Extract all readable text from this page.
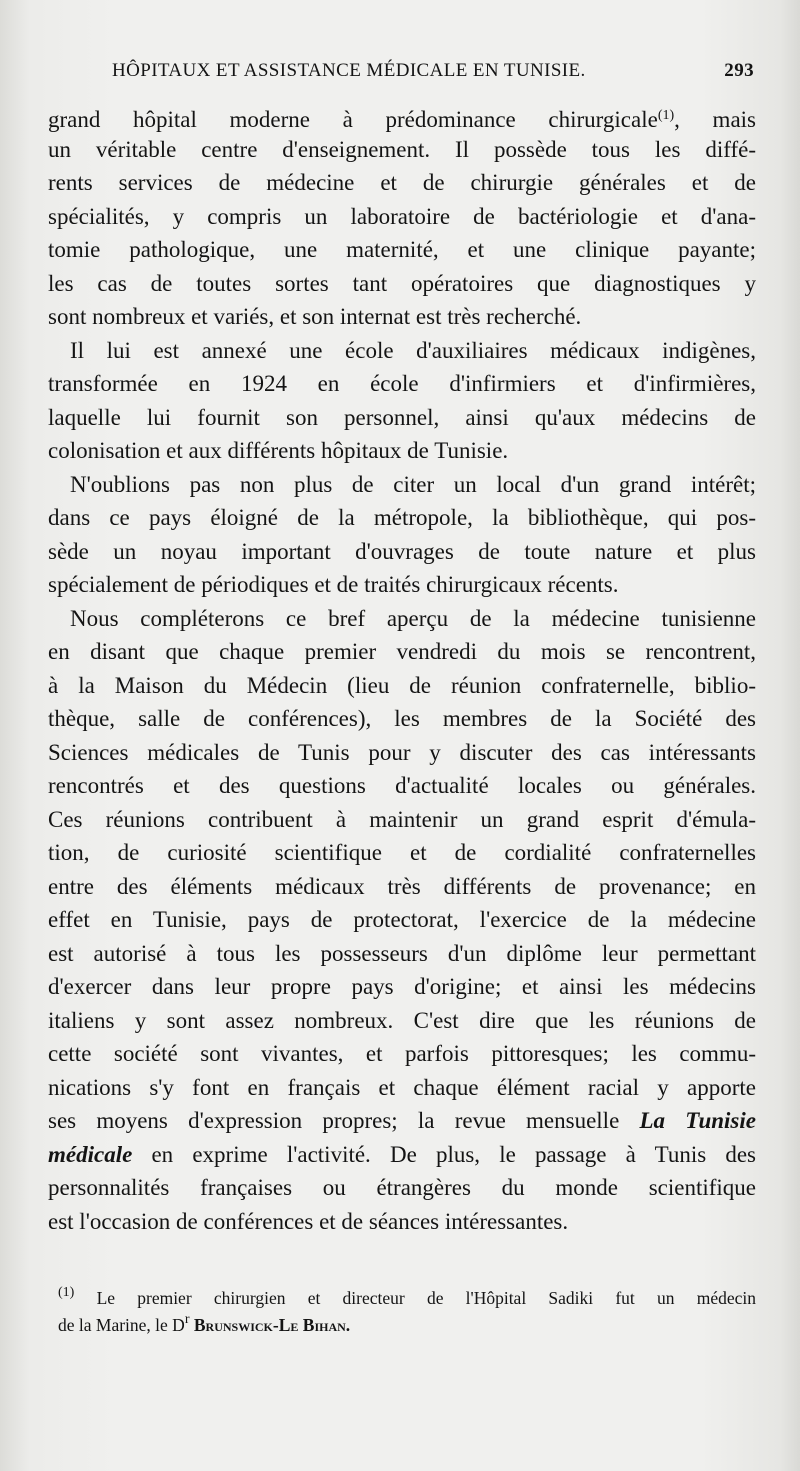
HÔPITAUX ET ASSISTANCE MÉDICALE EN TUNISIE.	293
grand hôpital moderne à prédominance chirurgicale$^{(1)}$, mais
un véritable centre d'enseignement. Il possède tous les diffé-
rents services de médecine et de chirurgie générales et de
spécialités, y compris un laboratoire de bactériologie et d'ana-
tomie pathologique, une maternité, et une clinique payante;
les cas de toutes sortes tant opératoires que diagnostiques y
sont nombreux et variés, et son internat est très recherché.
Il lui est annexé une école d'auxiliaires médicaux indigènes,
transformée en 1924 en école d'infirmiers et d'infirmières,
laquelle lui fournit son personnel, ainsi qu'aux médecins de
colonisation et aux différents hôpitaux de Tunisie.
N'oublions pas non plus de citer un local d'un grand intérêt;
dans ce pays éloigné de la métropole, la bibliothèque, qui pos-
sède un noyau important d'ouvrages de toute nature et plus
spécialement de périodiques et de traités chirurgicaux récents.
Nous compléterons ce bref aperçu de la médecine tunisienne
en disant que chaque premier vendredi du mois se rencontrent,
à la Maison du Médecin (lieu de réunion confraternelle, biblio-
thèque, salle de conférences), les membres de la Société des
Sciences médicales de Tunis pour y discuter des cas intéressants
rencontrés et des questions d'actualité locales ou générales.
Ces réunions contribuent à maintenir un grand esprit d'émula-
tion, de curiosité scientifique et de cordialité confraternelles
entre des éléments médicaux très différents de provenance; en
effet en Tunisie, pays de protectorat, l'exercice de la médecine
est autorisé à tous les possesseurs d'un diplôme leur permettant
d'exercer dans leur propre pays d'origine; et ainsi les médecins
italiens y sont assez nombreux. C'est dire que les réunions de
cette société sont vivantes, et parfois pittoresques; les commu-
nications s'y font en français et chaque élément racial y apporte
ses moyens d'expression propres; la revue mensuelle La Tunisie
médicale en exprime l'activité. De plus, le passage à Tunis des
personnalités françaises ou étrangères du monde scientifique
est l'occasion de conférences et de séances intéressantes.
$^{(1)}$ Le premier chirurgien et directeur de l'Hôpital Sadiki fut un médecin
de la Marine, le $D^r$ Brunswick-Le Bihan.
